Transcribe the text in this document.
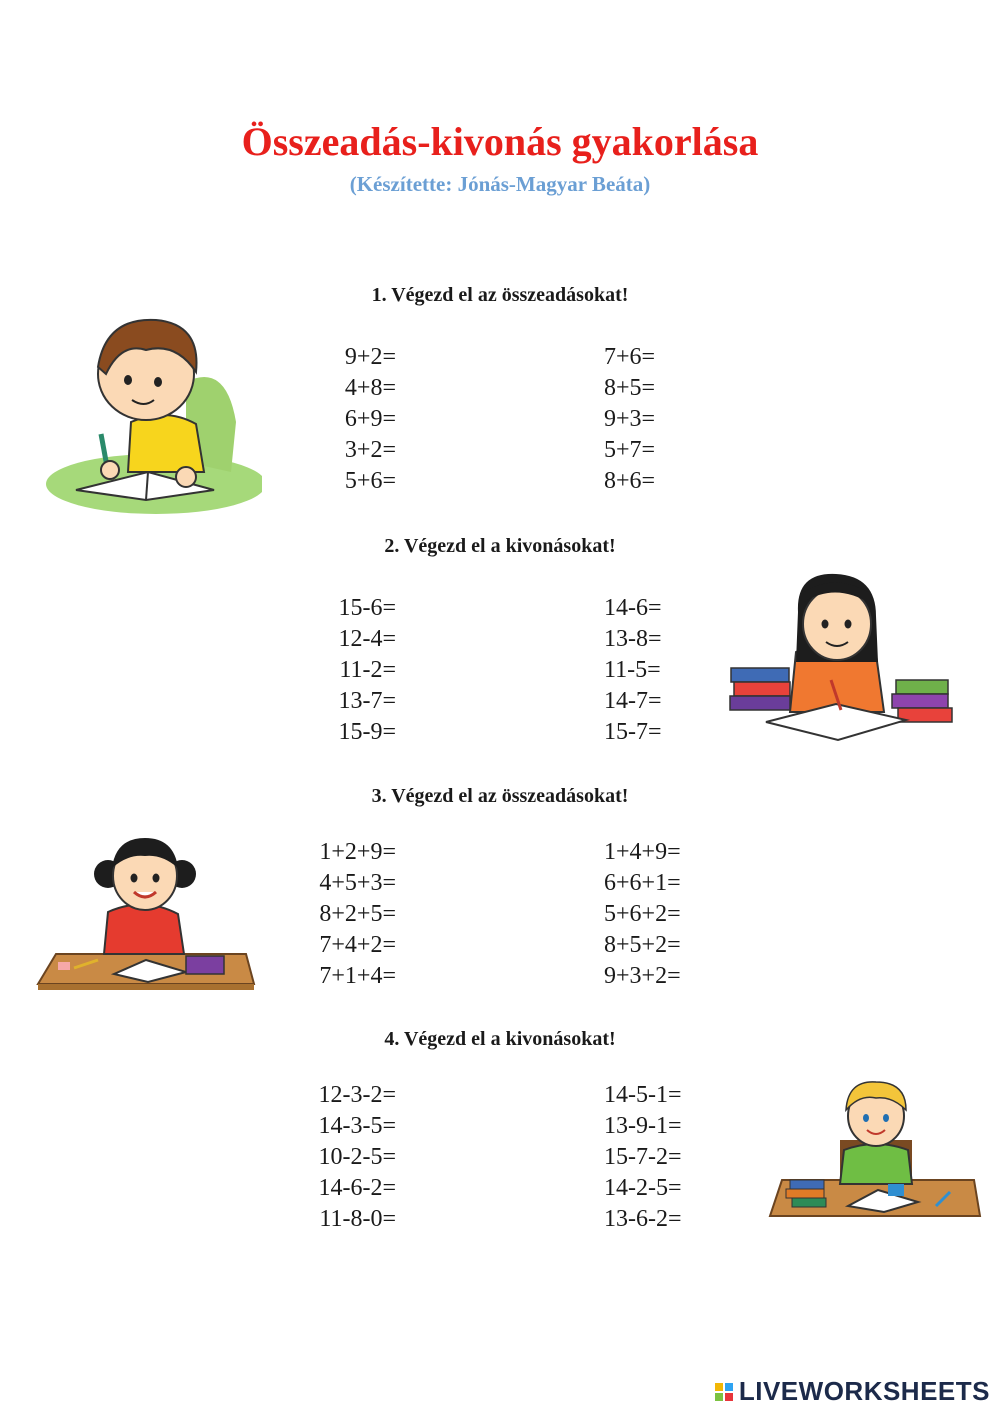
Összeadás-kivonás gyakorlása
(Készítette: Jónás-Magyar Beáta)
1. Végezd el az összeadásokat!
9+2=
4+8=
6+9=
3+2=
5+6=
7+6=
8+5=
9+3=
5+7=
8+6=
2. Végezd el a kivonásokat!
15-6=
12-4=
11-2=
13-7=
15-9=
14-6=
13-8=
11-5=
14-7=
15-7=
3. Végezd el az összeadásokat!
1+2+9=
4+5+3=
8+2+5=
7+4+2=
7+1+4=
1+4+9=
6+6+1=
5+6+2=
8+5+2=
9+3+2=
4. Végezd el a kivonásokat!
12-3-2=
14-3-5=
10-2-5=
14-6-2=
11-8-0=
14-5-1=
13-9-1=
15-7-2=
14-2-5=
13-6-2=
LIVEWORKSHEETS
